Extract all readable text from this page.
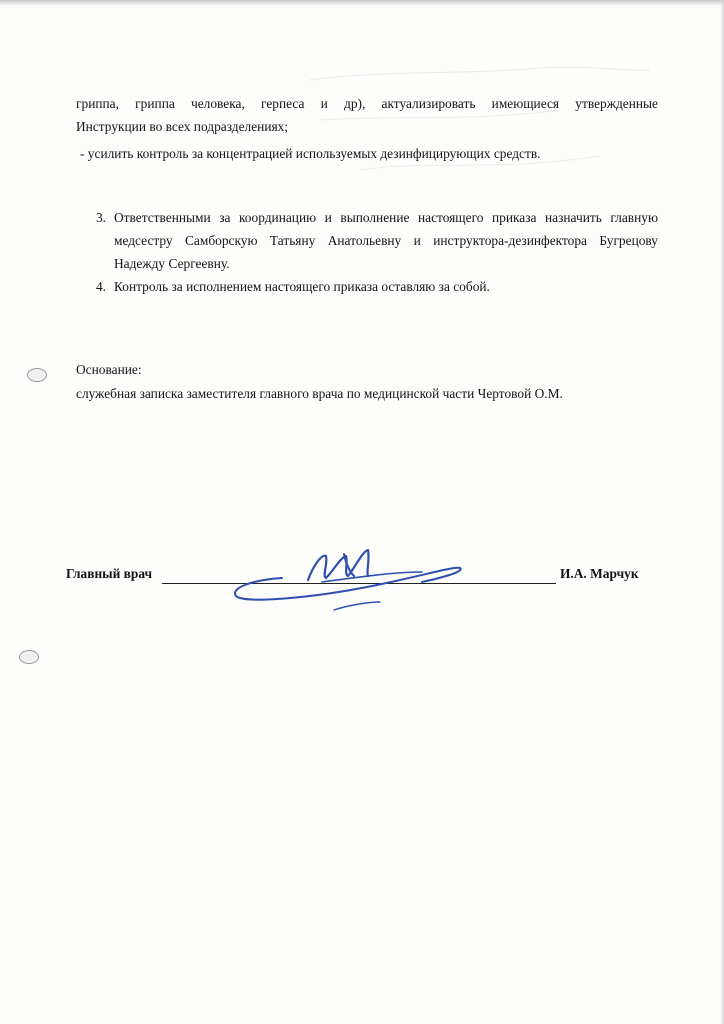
гриппа, гриппа человека, герпеса и др), актуализировать имеющиеся утвержденные

Инструкции во всех подразделениях;

- усилить контроль за концентрацией используемых дезинфицирующих средств.

3. Ответственными за координацию и выполнение настоящего приказа назначить главную
медсестру Самборскую Татьяну Анатольевну и инструктора-дезинфектора Бугрецову
Надежду Сергеевну.
4. Контроль за исполнением настоящего приказа оставляю за собой.
Основание:
служебная записка заместителя главного врача по медицинской части Чертовой О.М.
Главный врач	И.А. Марчук
